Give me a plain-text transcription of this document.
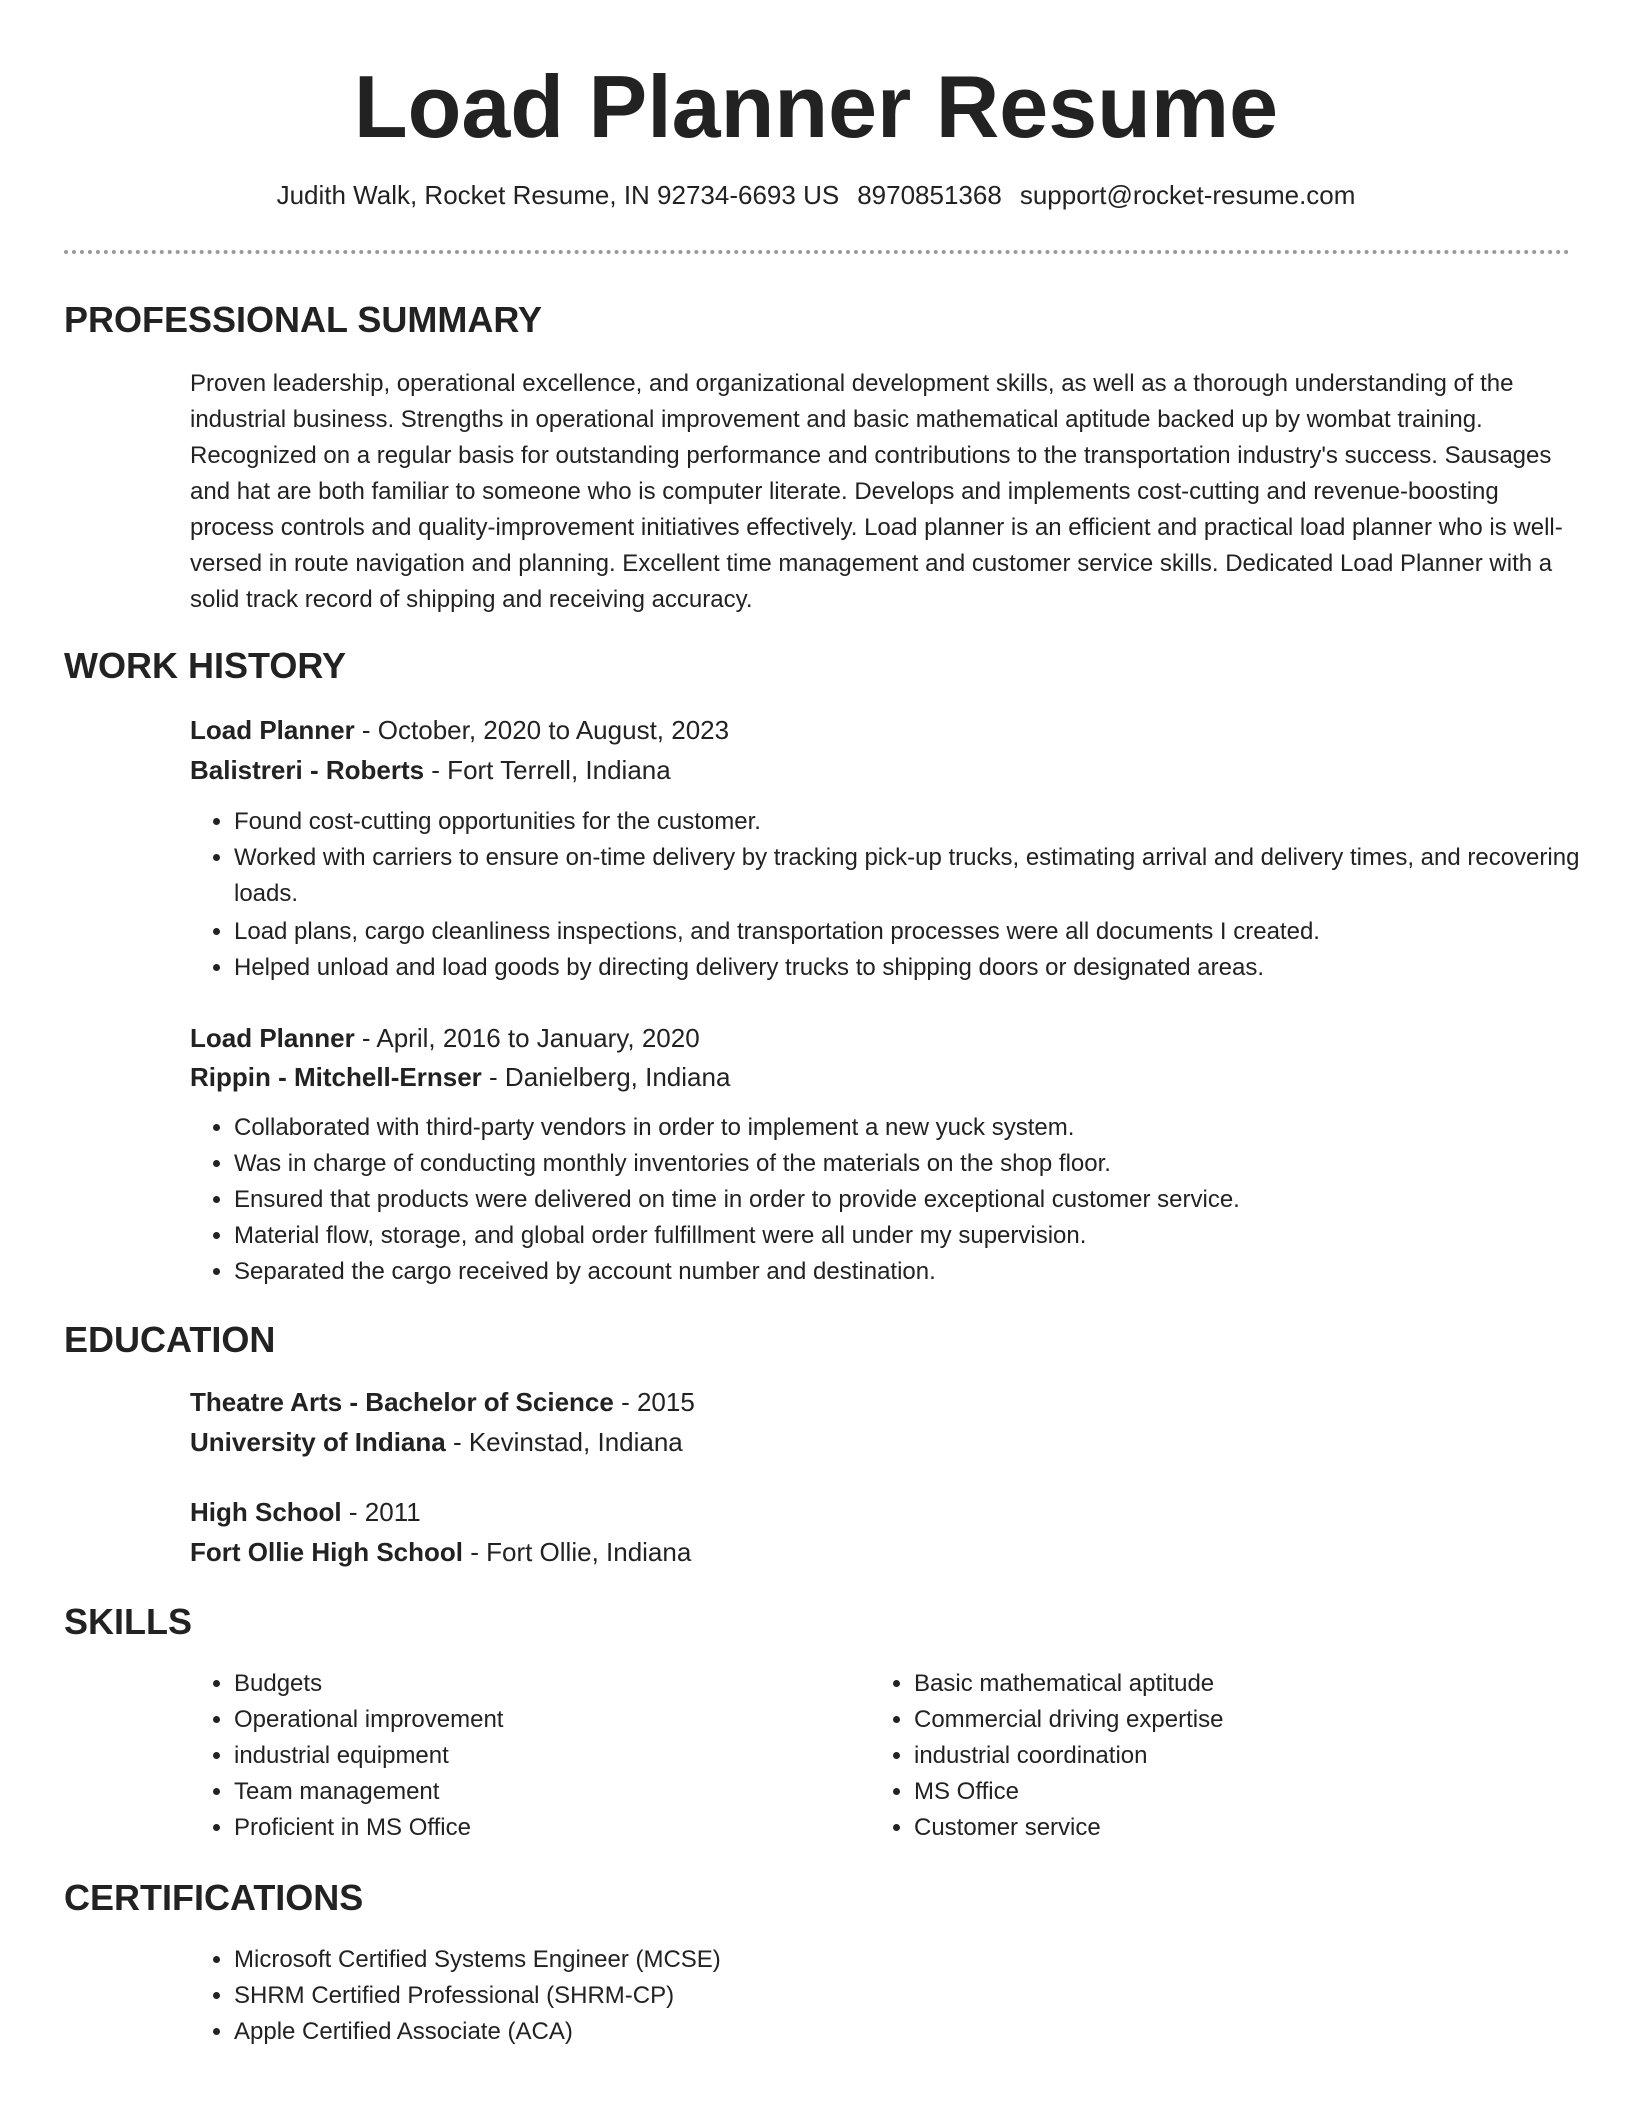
Load Planner Resume
Judith Walk, Rocket Resume, IN 92734-6693 US 8970851368 support@rocket-resume.com
PROFESSIONAL SUMMARY

Proven leadership, operational excellence, and organizational development skills, as well as a thorough understanding of the industrial business. Strengths in operational improvement and basic mathematical aptitude backed up by wombat training. Recognized on a regular basis for outstanding performance and contributions to the transportation industry's success. Sausages and hat are both familiar to someone who is computer literate. Develops and implements cost-cutting and revenue-boosting process controls and quality-improvement initiatives effectively. Load planner is an efficient and practical load planner who is well-versed in route navigation and planning. Excellent time management and customer service skills. Dedicated Load Planner with a solid track record of shipping and receiving accuracy.

WORK HISTORY

Load Planner - October, 2020 to August, 2023

Balistreri - Roberts - Fort Terrell, Indiana

• Found cost-cutting opportunities for the customer.
• Worked with carriers to ensure on-time delivery by tracking pick-up trucks, estimating arrival and delivery times, and recovering loads.
• Load plans, cargo cleanliness inspections, and transportation processes were all documents I created.
• Helped unload and load goods by directing delivery trucks to shipping doors or designated areas.

Load Planner - April, 2016 to January, 2020

Rippin - Mitchell-Ernser - Danielberg, Indiana

• Collaborated with third-party vendors in order to implement a new yuck system.
• Was in charge of conducting monthly inventories of the materials on the shop floor.
• Ensured that products were delivered on time in order to provide exceptional customer service.
• Material flow, storage, and global order fulfillment were all under my supervision.
• Separated the cargo received by account number and destination.
EDUCATION

Theatre Arts - Bachelor of Science - 2015

University of Indiana - Kevinstad, Indiana

High School - 2011

Fort Ollie High School - Fort Ollie, Indiana

SKILLS
• Budgets
• Operational improvement
• industrial equipment
• Team management
• Proficient in MS Office
• Basic mathematical aptitude
• Commercial driving expertise
• industrial coordination
• MS Office
• Customer service
CERTIFICATIONS
• Microsoft Certified Systems Engineer (MCSE)
• SHRM Certified Professional (SHRM-CP)
• Apple Certified Associate (ACA)
